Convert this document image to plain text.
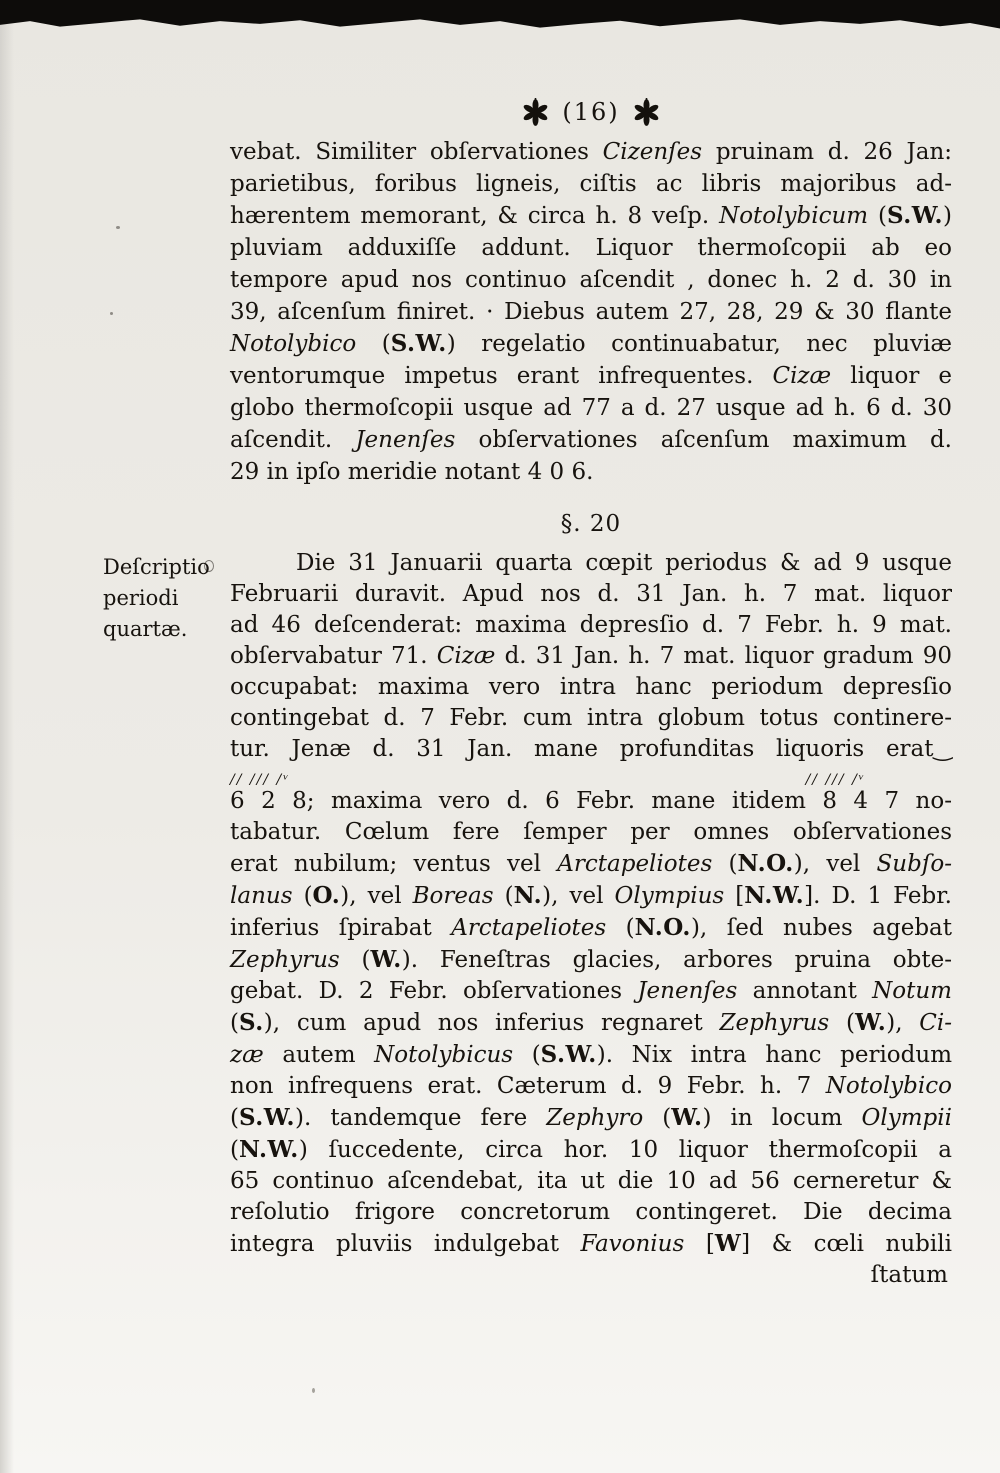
Deſcriptio
periodi
quartæ.
(16)
vebat. Similiter obſervationes Cizenſes pruinam d. 26 Jan:
parietibus, foribus ligneis, ciſtis ac libris majoribus ad-
hærentem memorant, & circa h. 8 veſp. Notolybicum (S.W.)
pluviam adduxiſſe addunt. Liquor thermoſcopii ab eo
tempore apud nos continuo aſcendit , donec h. 2 d. 30 in
39, aſcenſum finiret. · Diebus autem 27, 28, 29 & 30 flante
Notolybico (S.W.) regelatio continuabatur, nec pluviæ
ventorumque impetus erant infrequentes. Cizæ liquor e
globo thermoſcopii usque ad 77 a d. 27 usque ad h. 6 d. 30
aſcendit. Jenenſes obſervationes aſcenſum maximum d.
29 in ipſo meridie notant 4 0 6.
§. 20
Die 31 Januarii quarta cœpit periodus & ad 9 usque
Februarii duravit. Apud nos d. 31 Jan. h. 7 mat. liquor
ad 46 deſcenderat: maxima depresſio d. 7 Febr. h. 9 mat.
obſervabatur 71. Cizæ d. 31 Jan. h. 7 mat. liquor gradum 90
occupabat: maxima vero intra hanc periodum depresſio
contingebat d. 7 Febr. cum intra globum totus continere-
tur. Jenæ d. 31 Jan. mane profunditas liquoris erat‿
// /// /ᵛ	// /// /ᵛ
6 2 8; maxima vero d. 6 Febr. mane itidem 8 4 7 no-
tabatur. Cœlum fere ſemper per omnes obſervationes
erat nubilum; ventus vel Arctapeliotes (N.O.), vel Subſo-
lanus (O.), vel Boreas (N.), vel Olympius [N.W.]. D. 1 Febr.
inferius ſpirabat Arctapeliotes (N.O.), ſed nubes agebat
Zephyrus (W.). Feneſtras glacies, arbores pruina obte-
gebat. D. 2 Febr. obſervationes Jenenſes annotant Notum
(S.), cum apud nos inferius regnaret Zephyrus (W.), Ci-
zæ autem Notolybicus (S.W.). Nix intra hanc periodum
non infrequens erat. Cæterum d. 9 Febr. h. 7 Notolybico
(S.W.). tandemque fere Zephyro (W.) in locum Olympii
(N.W.) ſuccedente, circa hor. 10 liquor thermoſcopii a
65 continuo aſcendebat, ita ut die 10 ad 56 cerneretur &
reſolutio frigore concretorum contingeret. Die decima
integra pluviis indulgebat Favonius [W] & cœli nubili
ſtatum
